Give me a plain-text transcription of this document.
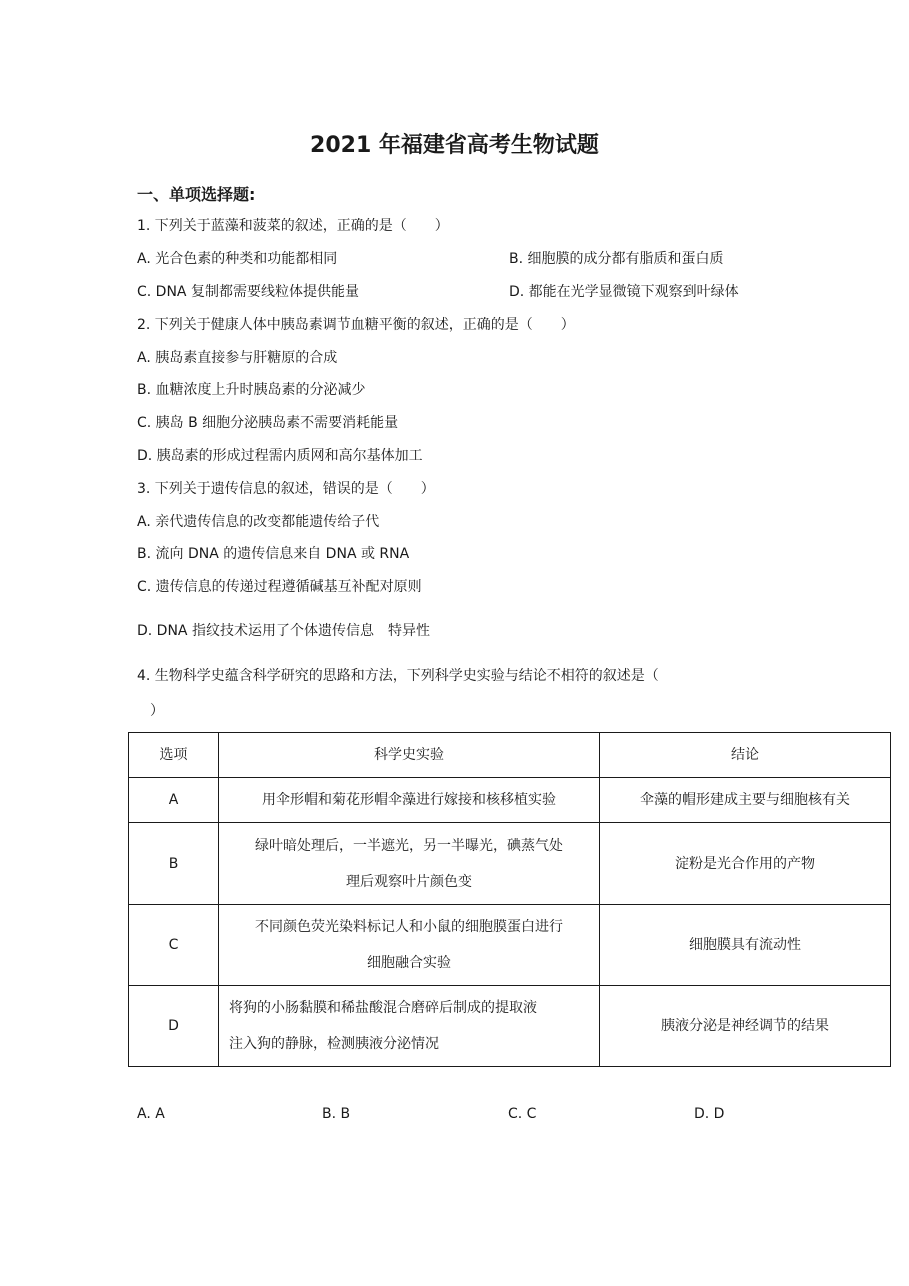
2021 年福建省高考生物试题
一、单项选择题:
1. 下列关于蓝藻和菠菜的叙述，正确的是（　　）
A. 光合色素的种类和功能都相同	B. 细胞膜的成分都有脂质和蛋白质
C. DNA 复制都需要线粒体提供能量	D. 都能在光学显微镜下观察到叶绿体
2. 下列关于健康人体中胰岛素调节血糖平衡的叙述，正确的是（　　）
A. 胰岛素直接参与肝糖原的合成
B. 血糖浓度上升时胰岛素的分泌减少
C. 胰岛 B 细胞分泌胰岛素不需要消耗能量
D. 胰岛素的形成过程需内质网和高尔基体加工
3. 下列关于遗传信息的叙述，错误的是（　　）
A. 亲代遗传信息的改变都能遗传给子代
B. 流向 DNA 的遗传信息来自 DNA 或 RNA
C. 遗传信息的传递过程遵循碱基互补配对原则
D. DNA 指纹技术运用了个体遗传信息　特异性
4. 生物科学史蕴含科学研究的思路和方法，下列科学史实验与结论不相符的叙述是（
）
选项	科学史实验	结论
A	用伞形帽和菊花形帽伞藻进行嫁接和核移植实验	伞藻的帽形建成主要与细胞核有关
B	绿叶暗处理后，一半遮光，另一半曝光，碘蒸气处
理后观察叶片颜色变	淀粉是光合作用的产物
C	不同颜色荧光染料标记人和小鼠的细胞膜蛋白进行
细胞融合实验	细胞膜具有流动性
D	将狗的小肠黏膜和稀盐酸混合磨碎后制成的提取液
注入狗的静脉，检测胰液分泌情况	胰液分泌是神经调节的结果
A. A	B. B	C. C	D. D
